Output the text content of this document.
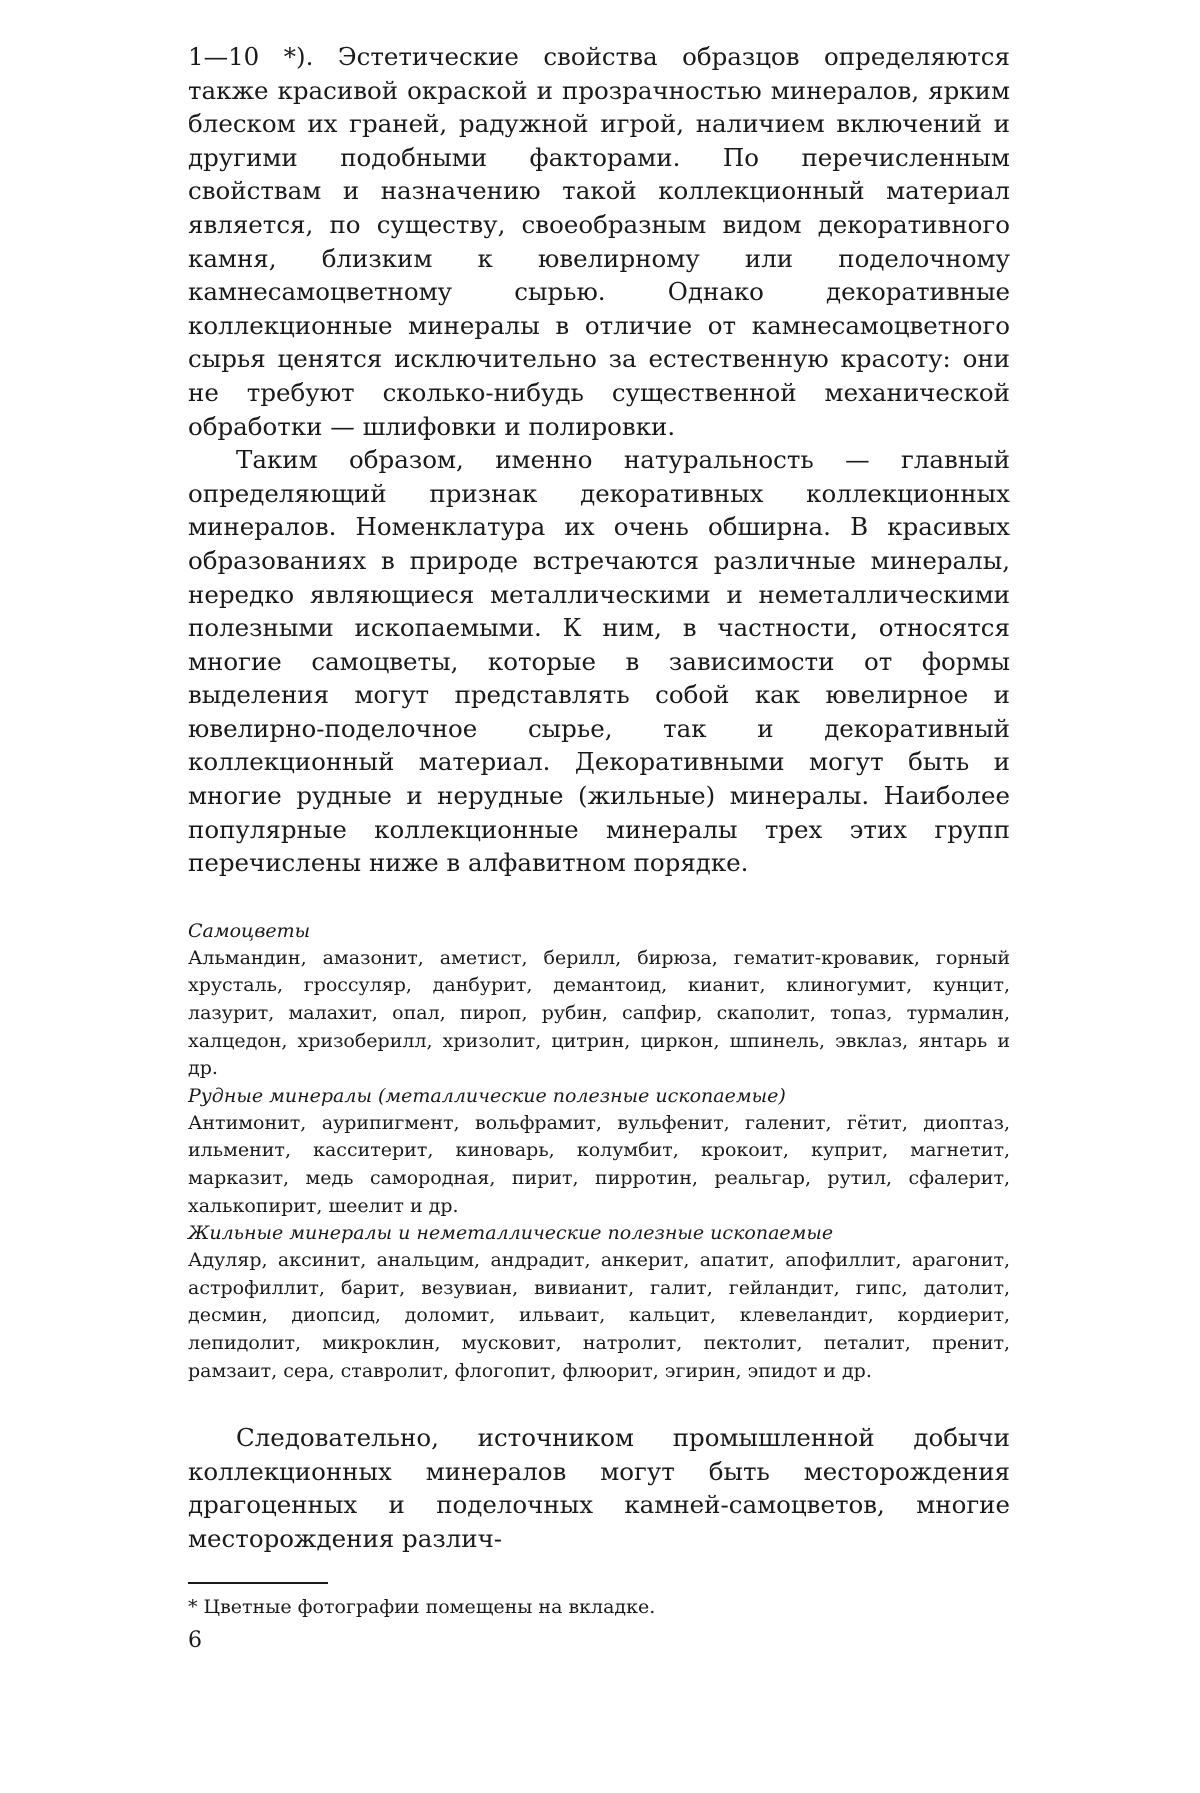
1—10 *). Эстетические свойства образцов определяются также красивой окраской и прозрачностью минералов, ярким блеском их граней, радужной игрой, наличием включений и другими подобными факторами. По перечисленным свойствам и назначению такой коллекционный материал является, по существу, своеобразным видом декоративного камня, близким к ювелирному или поделочному камнесамоцветному сырью. Однако декоративные коллекционные минералы в отличие от камнесамоцветного сырья ценятся исключительно за естественную красоту: они не требуют сколько-нибудь существенной механической обработки — шлифовки и полировки.

Таким образом, именно натуральность — главный определяющий признак декоративных коллекционных минералов. Номенклатура их очень обширна. В красивых образованиях в природе встречаются различные минералы, нередко являющиеся металлическими и неметаллическими полезными ископаемыми. К ним, в частности, относятся многие самоцветы, которые в зависимости от формы выделения могут представлять собой как ювелирное и ювелирно-поделочное сырье, так и декоративный коллекционный материал. Декоративными могут быть и многие рудные и нерудные (жильные) минералы. Наиболее популярные коллекционные минералы трех этих групп перечислены ниже в алфавитном порядке.

Самоцветы

Альмандин, амазонит, аметист, берилл, бирюза, гематит-кровавик, горный хрусталь, гроссуляр, данбурит, демантоид, кианит, клиногумит, кунцит, лазурит, малахит, опал, пироп, рубин, сапфир, скаполит, топаз, турмалин, халцедон, хризоберилл, хризолит, цитрин, циркон, шпинель, эвклаз, янтарь и др.

Рудные минералы (металлические полезные ископаемые)

Антимонит, аурипигмент, вольфрамит, вульфенит, галенит, гётит, диоптаз, ильменит, касситерит, киноварь, колумбит, крокоит, куприт, магнетит, марказит, медь самородная, пирит, пирротин, реальгар, рутил, сфалерит, халькопирит, шеелит и др.

Жильные минералы и неметаллические полезные ископаемые

Адуляр, аксинит, анальцим, андрадит, анкерит, апатит, апофиллит, арагонит, астрофиллит, барит, везувиан, вивианит, галит, гейландит, гипс, датолит, десмин, диопсид, доломит, ильваит, кальцит, клевеландит, кордиерит, лепидолит, микроклин, мусковит, натролит, пектолит, петалит, пренит, рамзаит, сера, ставролит, флогопит, флюорит, эгирин, эпидот и др.

Следовательно, источником промышленной добычи коллекционных минералов могут быть месторождения драгоценных и поделочных камней-самоцветов, многие месторождения различ-

* Цветные фотографии помещены на вкладке.

6
